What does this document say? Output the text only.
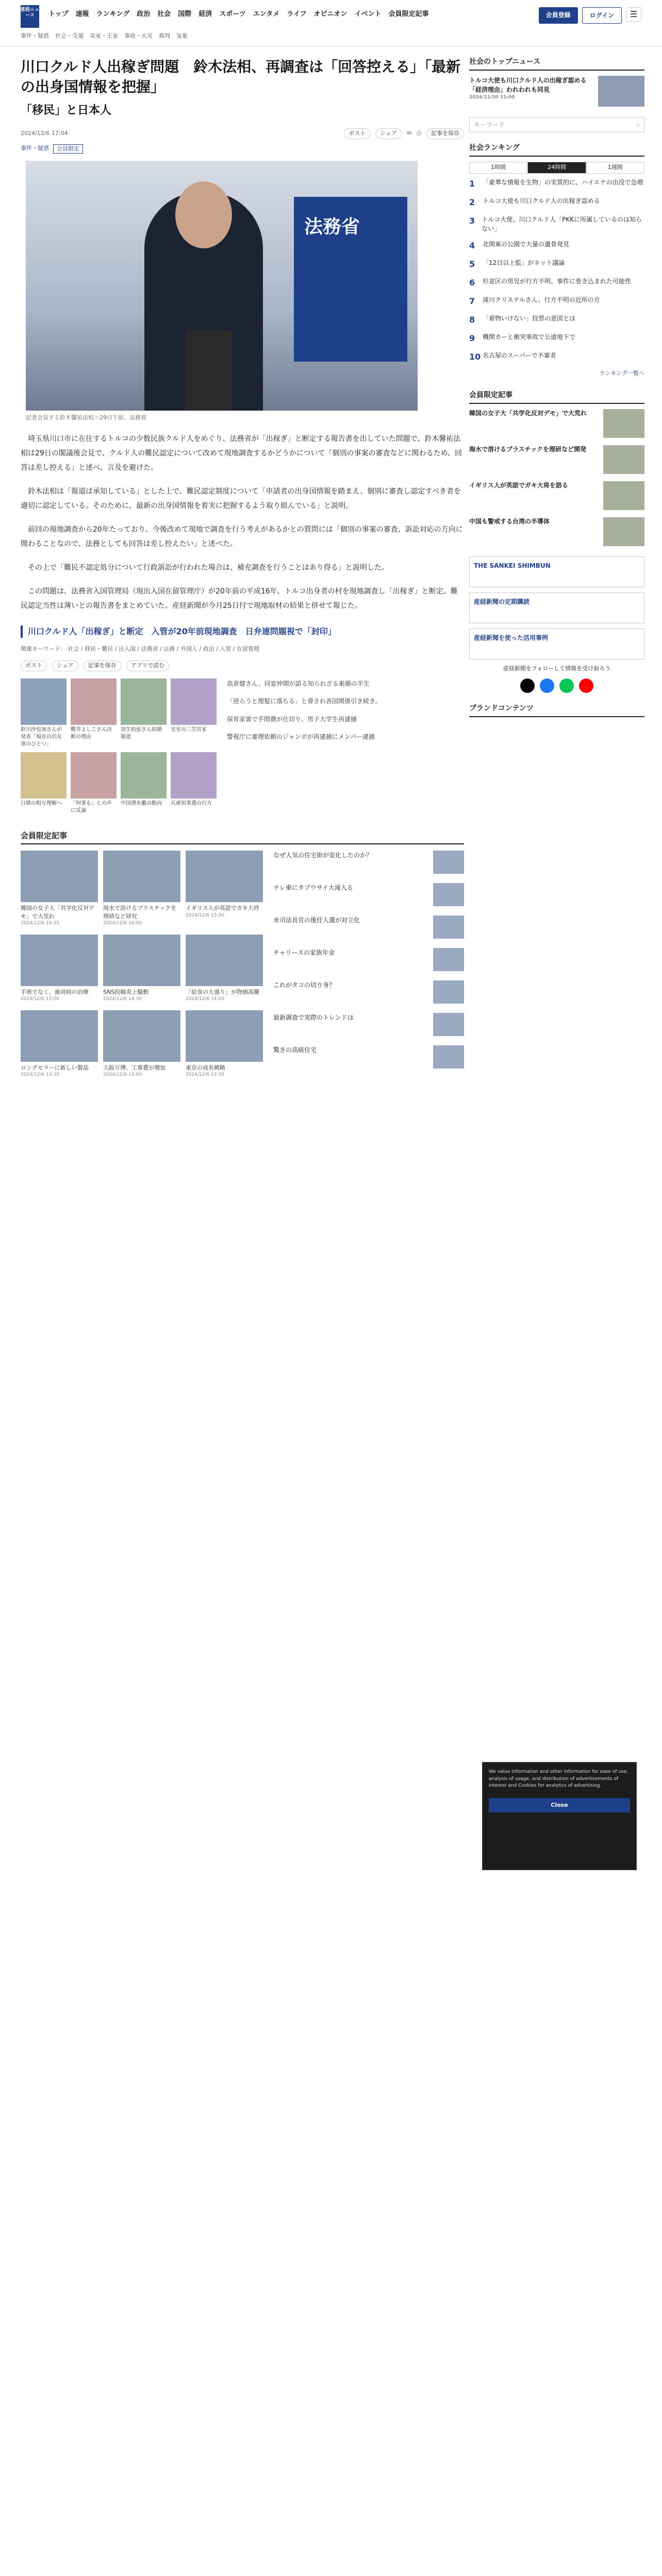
産経ニュース	トップ 速報 ランキング 政治 社会 国際 経済 スポーツ エンタメ ライフ オピニオン イベント 会員限定記事
事件・疑惑 社会・交通 皇室・王室 事故・火災 裁判 気象
会員登録	ログイン	☰
川口クルド人出稼ぎ問題　鈴木法相、再調査は「回答控える」「最新の出身国情報を把握」
「移民」と日本人
2024/12/6 17:04	ポスト	シェア	✉ ⎙	記事を保存
事件・疑惑	会員限定
法務省
記者会見する鈴木馨祐法相＝29日午前、法務省

埼玉県川口市に在住するトルコの少数民族クルド人をめぐり、法務省が「出稼ぎ」と断定する報告書を出していた問題で、鈴木馨祐法相は29日の閣議後会見で、クルド人の難民認定について改めて現地調査するかどうかについて「個別の事案の審査などに関わるため、回答は差し控える」と述べ、言及を避けた。

鈴木法相は「報道は承知している」とした上で、難民認定制度について「申請者の出身国情報を踏まえ、個別に審査し認定すべき者を適切に認定している。そのために、最新の出身国情報を着実に把握するよう取り組んでいる」と説明。

前回の現地調査から20年たっており、今後改めて現地で調査を行う考えがあるかとの質問には「個別の事案の審査、訴訟対応の方向に関わることなので、法務としても回答は差し控えたい」と述べた。

その上で「難民不認定処分について行政訴訟が行われた場合は、補充調査を行うことはあり得る」と説明した。

この問題は、法務省入国管理局（現出入国在留管理庁）が20年前の平成16年、トルコ出身者の村を現地調査し「出稼ぎ」と断定。難民認定当性は薄いとの報告書をまとめていた。産経新聞が今月25日付で現地取材の結果と併せて報じた。

川口クルド人「出稼ぎ」と断定　入管が20年前現地調査　日弁連問題視で「封印」
関連キーワード： 社会 / 移民・難民 / 出入国 / 法務省 / 法務 / 外国人 / 政治 / 入管 / 在留管理
ポスト	シェア	記事を保存	アプリで読む
鈴川沙也加さんが発表「現在の旧友達のひとつ」
櫻井よしこさん決断の理由
羽生結弦さん結婚報道
皇室の三笠宮家
日韓の相互理解へ	「何事も」との声に反論
中国潜水艦の動向	兵庫知事選の行方

高倉健さん、同窓仲間が語る知られざる素顔の半生

「逆らうと理髪に落ちる」と脅され各国関係引き続き。

保育家需で手間費が仕切り、男子大学生再逮捕

警視庁に審理依頼のジャンポが再逮捕にメンバー逮捕

会員限定記事
韓国の女子大「共学化反対デモ」で大荒れ
2024/12/6 16:35
海水で溶けるプラスチックを理研など研究
2024/12/6 16:00
イギリス人が英語でガキ大将
2024/12/6 15:30
手術でなく、歯周病の治療
2024/12/6 15:00
SNS投稿炎上騒動
2024/12/6 14:30
「給食の大盛り」が物価高騰
2024/12/6 14:00
ロングセラーに新しい製品
2024/12/6 13:30
大阪万博、工事費が増加
2024/12/6 13:00
東京の成長戦略
2024/12/6 12:30
なぜ人気の住宅街が変化したのか？
テレ東にタブウサイ大滝入る
米司法長官の後任人選が対立化
チャリースの家族年金
これがタコの切り身？
最新調査で実際のトレンドは
驚きの高級住宅
社会のトップニュース
トルコ大使も川口クルド人の出稼ぎ認める「経済理由」われわれも同見
2024/11/30 11:00
キーワード	⌕
社会ランキング
1時間	24時間	1週間
1	「豪華な情報を生物」の実質的に、ハイエナの出没で急増
2	トルコ大使も川口クルド人の出稼ぎ認める
3	トルコ大使、川口クルド人「PKKに所属しているのは知らない」
4	北関東の公園で大量の遺骨発見
5	「12日以上監」がネット議論
6	杉並区の男児が行方不明、事件に巻き込まれた可能性
7	滝川クリステルさん、行方不明の近所の方
8	「着物いけない」投票の意図とは
9	機関カーと衝突事故で公道地下で
10 名古屋のスーパーで不審者
ランキング一覧へ
会員限定記事
韓国の女子大「共学化反対デモ」で大荒れ
海水で溶けるプラスチックを理研など開発
イギリス人が英語でガキ大将を語る
中国も警戒する台湾の半導体
THE SANKEI SHIMBUN
産経新聞の定期購読
産経新聞を使った活用事例
産経新聞をフォローして情報を受け取ろう
ブランドコンテンツ
We value information and other information for ease of use, analysis of usage, and distribution of advertisements of interest and Cookies for analytics of advertising.
Close
